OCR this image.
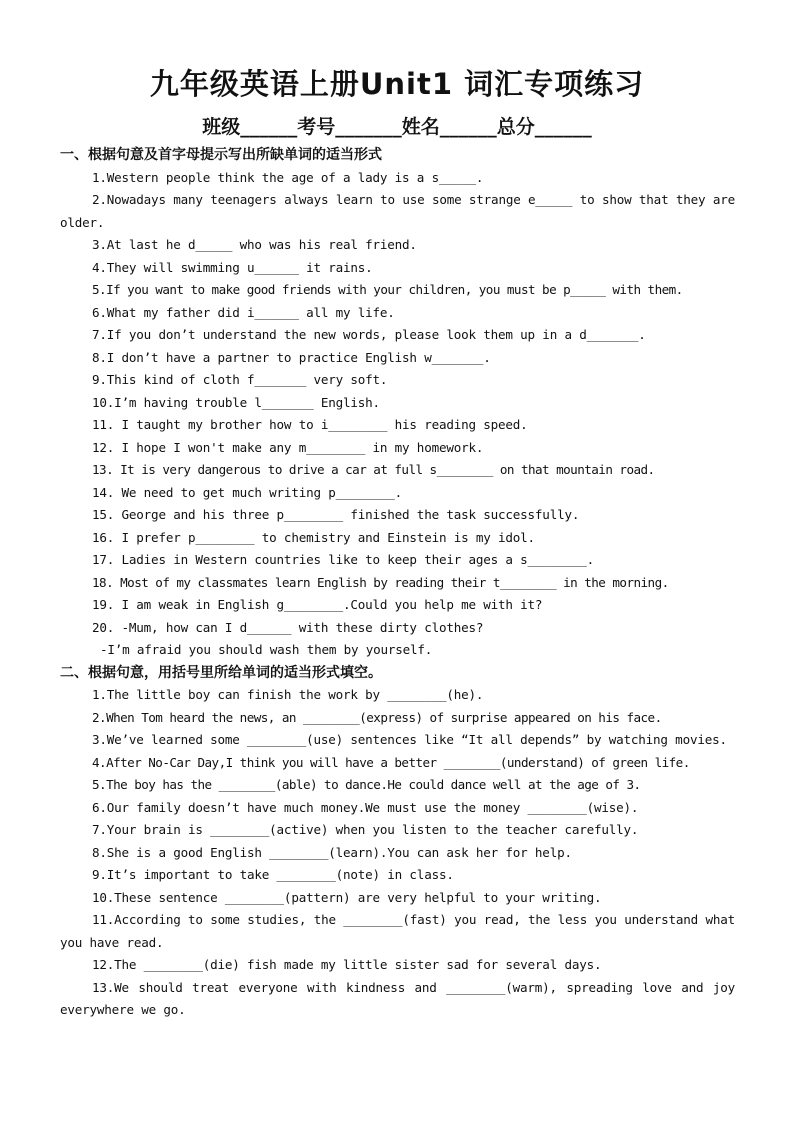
九年级英语上册Unit1 词汇专项练习
班级______考号_______姓名______总分______
一、根据句意及首字母提示写出所缺单词的适当形式
1.Western people think the age of a lady is a s_____.
2.Nowadays many teenagers always learn to use some strange e_____ to show that they are older.
3.At last he d_____ who was his real friend.
4.They will swimming u______ it rains.
5.If you want to make good friends with your children, you must be p_____ with them.
6.What my father did i______ all my life.
7.If you don’t understand the new words, please look them up in a d_______.
8.I don’t have a partner to practice English w_______.
9.This kind of cloth f_______ very soft.
10.I’m having trouble l_______ English.
11. I taught my brother how to i________ his reading speed.
12. I hope I won't make any m________ in my homework.
13. It is very dangerous to drive a car at full s________ on that mountain road.
14. We need to get much writing p________.
15. George and his three p________ finished the task successfully.
16. I prefer p________ to chemistry and Einstein is my idol.
17. Ladies in Western countries like to keep their ages a s________.
18. Most of my classmates learn English by reading their t________ in the morning.
19. I am weak in English g________.Could you help me with it?
20. -Mum, how can I d______ with these dirty clothes?
-I’m afraid you should wash them by yourself.
二、根据句意，用括号里所给单词的适当形式填空。
1.The little boy can finish the work by ________(he).
2.When Tom heard the news, an ________(express) of surprise appeared on his face.
3.We’ve learned some ________(use) sentences like “It all depends” by watching movies.
4.After No-Car Day,I think you will have a better ________(understand) of green life.
5.The boy has the ________(able) to dance.He could dance well at the age of 3.
6.Our family doesn’t have much money.We must use the money ________(wise).
7.Your brain is ________(active) when you listen to the teacher carefully.
8.She is a good English ________(learn).You can ask her for help.
9.It’s important to take ________(note) in class.
10.These sentence ________(pattern) are very helpful to your writing.
11.According to some studies, the ________(fast) you read, the less you understand what you have read.
12.The ________(die) fish made my little sister sad for several days.
13.We should treat everyone with kindness and ________(warm), spreading love and joy everywhere we go.
